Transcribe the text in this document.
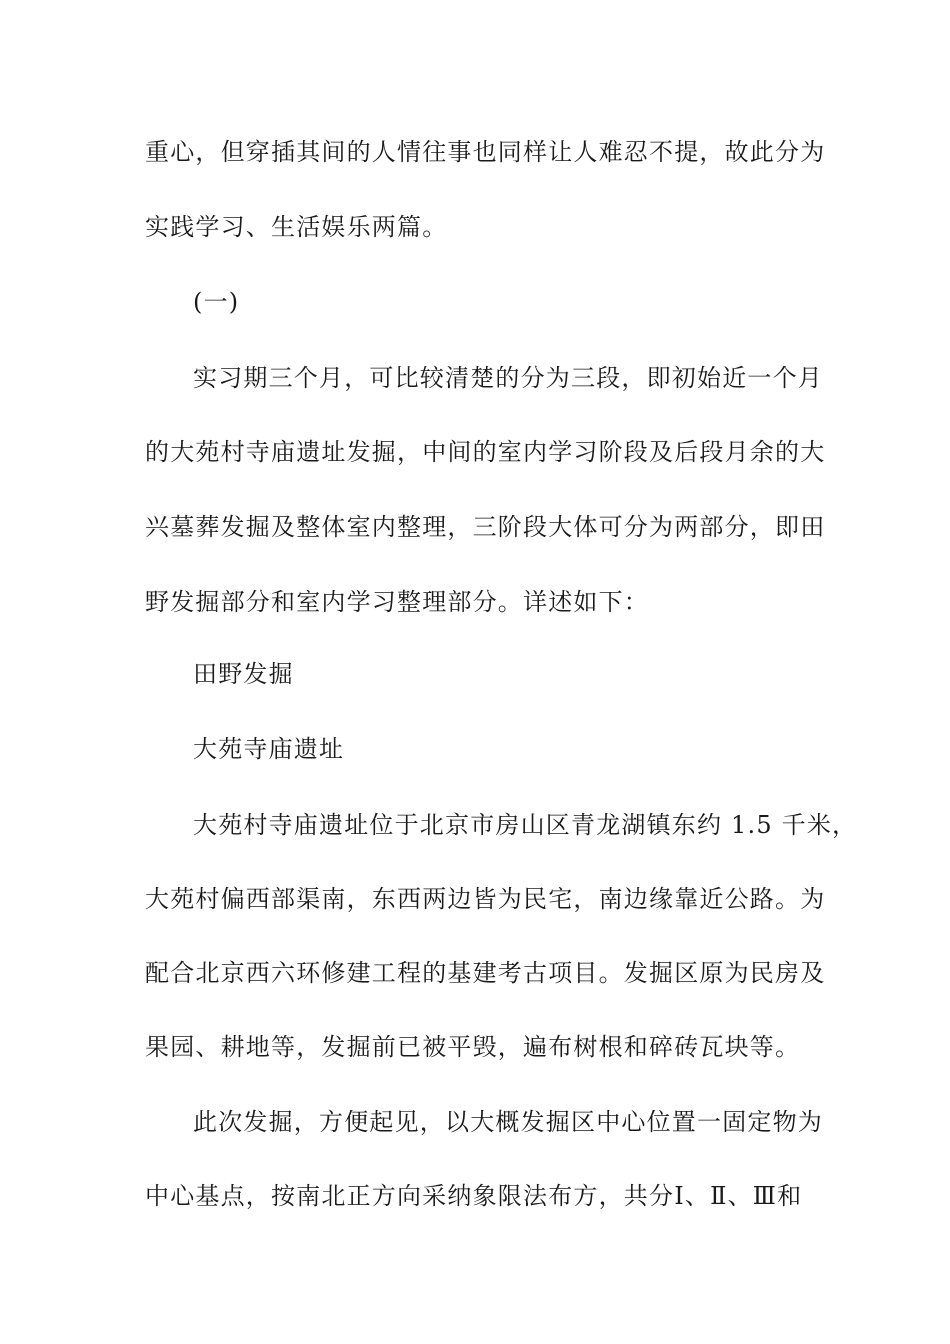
重心，但穿插其间的人情往事也同样让人难忍不提，故此分为
实践学习、生活娱乐两篇。
(一)
实习期三个月，可比较清楚的分为三段，即初始近一个月
的大苑村寺庙遗址发掘，中间的室内学习阶段及后段月余的大
兴墓葬发掘及整体室内整理，三阶段大体可分为两部分，即田
野发掘部分和室内学习整理部分。详述如下：
田野发掘
大苑寺庙遗址
大苑村寺庙遗址位于北京市房山区青龙湖镇东约 1.5 千米，
大苑村偏西部渠南，东西两边皆为民宅，南边缘靠近公路。为
配合北京西六环修建工程的基建考古项目。发掘区原为民房及
果园、耕地等，发掘前已被平毁，遍布树根和碎砖瓦块等。
此次发掘，方便起见，以大概发掘区中心位置一固定物为
中心基点，按南北正方向采纳象限法布方，共分Ⅰ、Ⅱ、Ⅲ和
